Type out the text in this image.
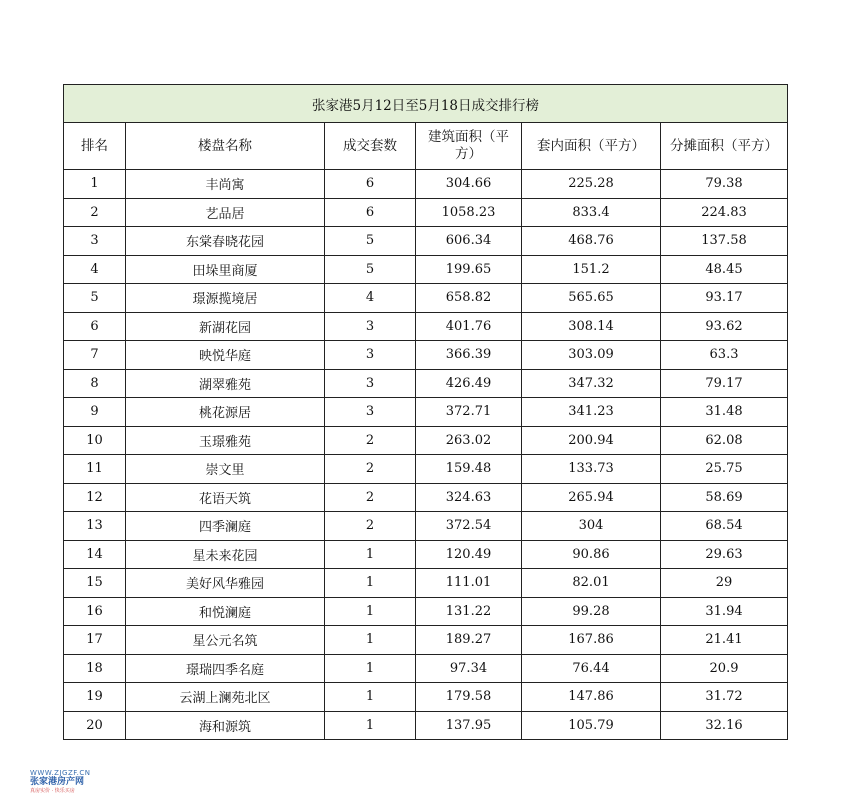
张家港5月12日至5月18日成交排行榜					
排名	楼盘名称	成交套数	建筑面积（平方）	套内面积（平方）	分摊面积（平方）
1	丰尚寓	6	304.66	225.28	79.38
2	艺品居	6	1058.23	833.4	224.83
3	东棠春晓花园	5	606.34	468.76	137.58
4	田垛里商厦	5	199.65	151.2	48.45
5	璟源揽境居	4	658.82	565.65	93.17
6	新湖花园	3	401.76	308.14	93.62
7	映悦华庭	3	366.39	303.09	63.3
8	湖翠雅苑	3	426.49	347.32	79.17
9	桃花源居	3	372.71	341.23	31.48
10	玉璟雅苑	2	263.02	200.94	62.08
11	崇文里	2	159.48	133.73	25.75
12	花语天筑	2	324.63	265.94	58.69
13	四季澜庭	2	372.54	304	68.54
14	星未来花园	1	120.49	90.86	29.63
15	美好风华雅园	1	111.01	82.01	29
16	和悦澜庭	1	131.22	99.28	31.94
17	星公元名筑	1	189.27	167.86	21.41
18	璟瑞四季名庭	1	97.34	76.44	20.9
19	云湖上澜苑北区	1	179.58	147.86	31.72
20	海和源筑	1	137.95	105.79	32.16
WWW.ZJGZF.CN
张家港房产网
真房实价 · 快乐买房
